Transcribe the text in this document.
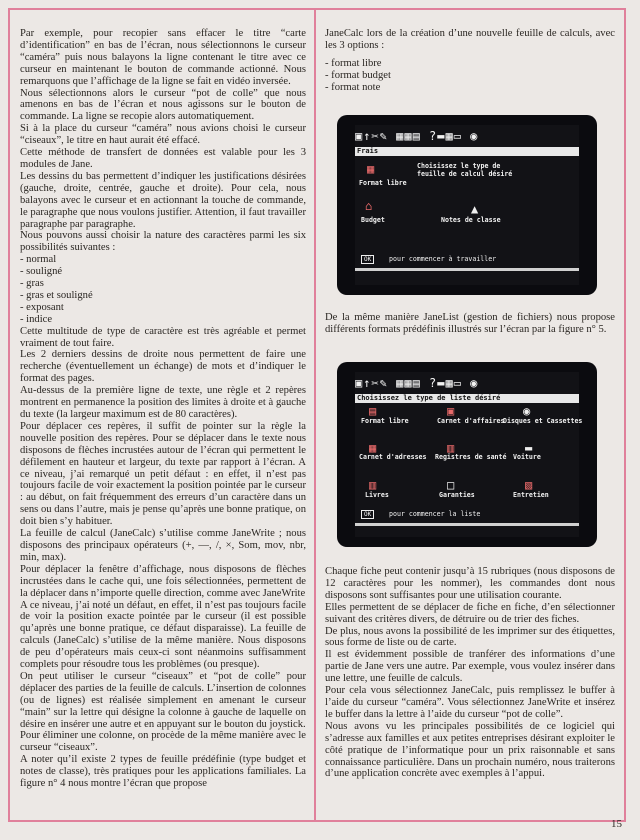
Par exemple, pour recopier sans effacer le titre “carte d’identification” en bas de l’écran, nous sélectionnons le curseur “caméra” puis nous balayons la ligne contenant le titre avec ce curseur en maintenant le bouton de commande actionné. Nous remarquons que l’affichage de la ligne se fait en vidéo inversée.

Nous sélectionnons alors le curseur “pot de colle” que nous amenons en bas de l’écran et nous agissons sur le bouton de commande. La ligne se recopie alors automatiquement.

Si à la place du curseur “caméra” nous avions choisi le curseur “ciseaux”, le titre en haut aurait été effacé.

Cette méthode de transfert de données est valable pour les 3 modules de Jane.

Les dessins du bas permettent d’indiquer les justifications désirées (gauche, droite, centrée, gauche et droite). Pour cela, nous balayons avec le curseur et en actionnant la touche de commande, le paragraphe que nous voulons justifier. Attention, il faut travailler paragraphe par paragraphe.

Nous pouvons aussi choisir la nature des caractères parmi les six possibilités suivantes :

- normal

- souligné

- gras

- gras et souligné

- exposant

- indice

Cette multitude de type de caractère est très agréable et permet vraiment de tout faire.

Les 2 derniers dessins de droite nous permettent de faire une recherche (éventuellement un échange) de mots et d’indiquer le format des pages.

Au-dessus de la première ligne de texte, une règle et 2 repères montrent en permanence la position des limites à droite et à gauche du texte (la largeur maximum est de 80 caractères).

Pour déplacer ces repères, il suffit de pointer sur la règle la nouvelle position des repères. Pour se déplacer dans le texte nous disposons de flèches incrustées autour de l’écran qui permettent le défilement en hauteur et largeur, du texte par rapport à l’écran. A ce niveau, j’ai remarqué un petit défaut : en effet, il n’est pas toujours facile de voir exactement la position pointée par le curseur : au début, on fait fréquemment des erreurs d’un caractère dans un sens ou dans l’autre, mais je pense qu’après une bonne pratique, on doit bien s’y habituer.

La feuille de calcul (JaneCalc) s’utilise comme JaneWrite ; nous disposons des principaux opérateurs (+, —, /, ×, Som, mov, nbr, min, max).

Pour déplacer la fenêtre d’affichage, nous disposons de flèches incrustées dans le cache qui, une fois sélectionnées, permettent de la déplacer dans n’importe quelle direction, comme avec JaneWrite

A ce niveau, j’ai noté un défaut, en effet, il n’est pas toujours facile de voir la position exacte pointée par le curseur (il est possible qu’après une bonne pratique, ce défaut disparaisse). La feuille de calculs (JaneCalc) s’utilise de la même manière. Nous disposons de peu d’opérateurs mais ceux-ci sont néanmoins suffisamment complets pour résoudre tous les problèmes (ou presque).

On peut utiliser le curseur “ciseaux” et “pot de colle” pour déplacer des parties de la feuille de calculs. L’insertion de colonnes (ou de lignes) est réalisée simplement en amenant le curseur “main” sur la lettre qui désigne la colonne à gauche de laquelle on désire en insérer une autre et en appuyant sur le bouton du joystick.

Pour éliminer une colonne, on procède de la même manière avec le curseur “ciseaux”.

A noter qu’il existe 2 types de feuille prédéfinie (type budget et notes de classe), très pratiques pour les applications familiales. La figure n° 4 nous montre l’écran que propose

JaneCalc lors de la création d’une nouvelle feuille de calculs, avec les 3 options :

- format libre

- format budget

- format note

▣↑✂✎ ▦▦▤ ?▬▦▭ ◉
Frais
▦	Choisissez le type de
feuille de calcul désiré
Format libre
⌂
Budget
▲
Notes de classe
OK	pour commencer à travailler

De la même manière JaneList (gestion de fichiers) nous propose différents formats prédéfinis illustrés sur l’écran par la figure n° 5.

▣↑✂✎ ▦▦▤ ?▬▦▭ ◉
Choisissez le type de liste désiré
Format libre	Carnet d'affaires
Disques et Cassettes
Carnet d'adresses Registres de santé Voiture
Livres	Garanties	Entretien
▤	▣	◉
▦	▥	▬
▥	□	▧
OK	pour commencer la liste

Chaque fiche peut contenir jusqu’à 15 rubriques (nous disposons de 12 caractères pour les nommer), les commandes dont nous disposons sont suffisantes pour une utilisation courante.

Elles permettent de se déplacer de fiche en fiche, d’en sélectionner suivant des critères divers, de détruire ou de trier des fiches.

De plus, nous avons la possibilité de les imprimer sur des étiquettes, sous forme de liste ou de carte.

Il est évidemment possible de tranférer des informations d’une partie de Jane vers une autre. Par exemple, vous voulez insérer dans une lettre, une feuille de calculs.

Pour cela vous sélectionnez JaneCalc, puis remplissez le buffer à l’aide du curseur “caméra”. Vous sélectionnez JaneWrite et insérez le buffer dans la lettre à l’aide du curseur “pot de colle”.

Nous avons vu les principales possibilités de ce logiciel qui s’adresse aux familles et aux petites entreprises désirant exploiter le côté pratique de l’informatique pour un prix raisonnable et sans connaissance particulière. Dans un prochain numéro, nous traiterons d’une application concrète avec exemples à l’appui.

15
